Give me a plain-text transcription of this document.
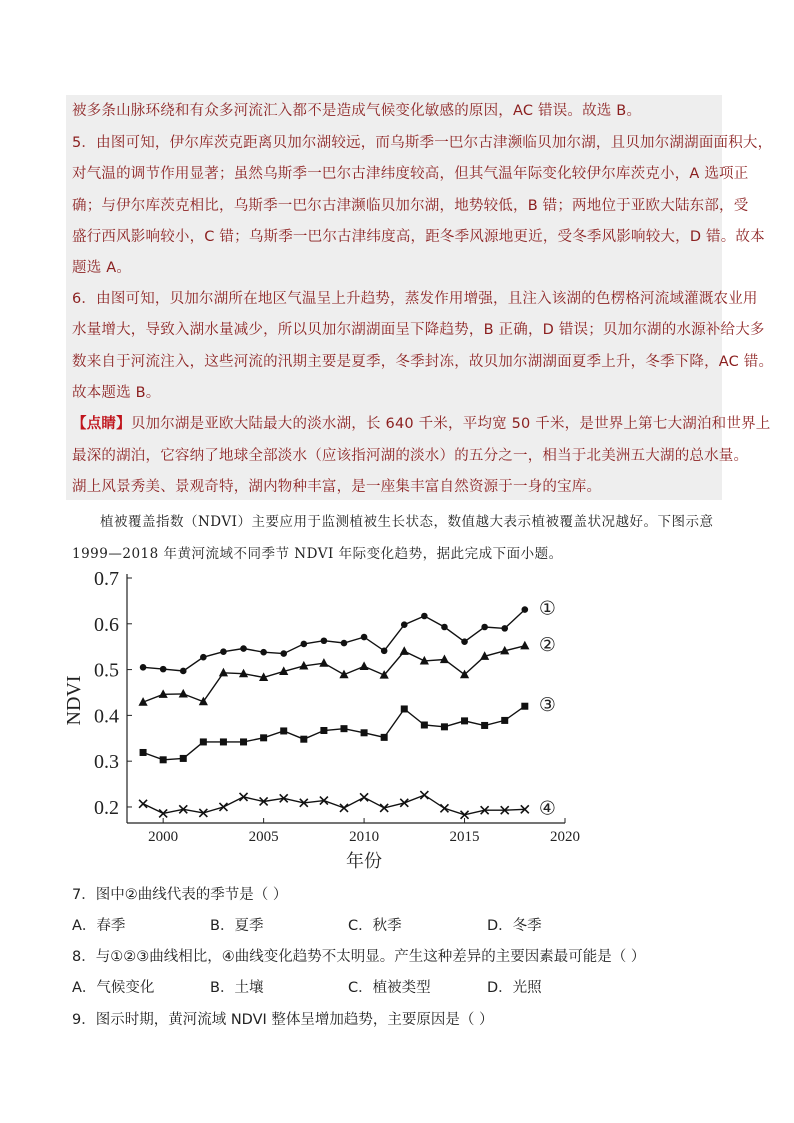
被多条山脉环绕和有众多河流汇入都不是造成气候变化敏感的原因，AC 错误。故选 B。
5．由图可知，伊尔库茨克距离贝加尔湖较远，而乌斯季一巴尔古津濒临贝加尔湖，且贝加尔湖湖面面积大，
对气温的调节作用显著；虽然乌斯季一巴尔古津纬度较高，但其气温年际变化较伊尔库茨克小，A 选项正
确；与伊尔库茨克相比，乌斯季一巴尔古津濒临贝加尔湖，地势较低，B 错；两地位于亚欧大陆东部，受
盛行西风影响较小，C 错；乌斯季一巴尔古津纬度高，距冬季风源地更近，受冬季风影响较大，D 错。故本
题选 A。
6．由图可知，贝加尔湖所在地区气温呈上升趋势，蒸发作用增强，且注入该湖的色楞格河流域灌溉农业用
水量增大，导致入湖水量减少，所以贝加尔湖湖面呈下降趋势，B 正确，D 错误；贝加尔湖的水源补给大多
数来自于河流注入，这些河流的汛期主要是夏季，冬季封冻，故贝加尔湖湖面夏季上升，冬季下降，AC 错。
故本题选 B。
【点睛】贝加尔湖是亚欧大陆最大的淡水湖，长 640 千米，平均宽 50 千米，是世界上第七大湖泊和世界上
最深的湖泊，它容纳了地球全部淡水（应该指河湖的淡水）的五分之一，相当于北美洲五大湖的总水量。
湖上风景秀美、景观奇特，湖内物种丰富，是一座集丰富自然资源于一身的宝库。
植被覆盖指数（NDVI）主要应用于监测植被生长状态，数值越大表示植被覆盖状况越好。下图示意
1999—2018 年黄河流域不同季节 NDVI 年际变化趋势，据此完成下面小题。
0.2
0.3
0.4
0.5
0.6
0.7
2000	2005	2010	2015	2020
①
②
③
④
NDVI
年份
7．图中②曲线代表的季节是（ ）
A．春季	B．夏季	C．秋季	D．冬季
8．与①②③曲线相比，④曲线变化趋势不太明显。产生这种差异的主要因素最可能是（ ）
A．气候变化	B．土壤	C．植被类型	D．光照
9．图示时期，黄河流域 NDVI 整体呈增加趋势，主要原因是（ ）
